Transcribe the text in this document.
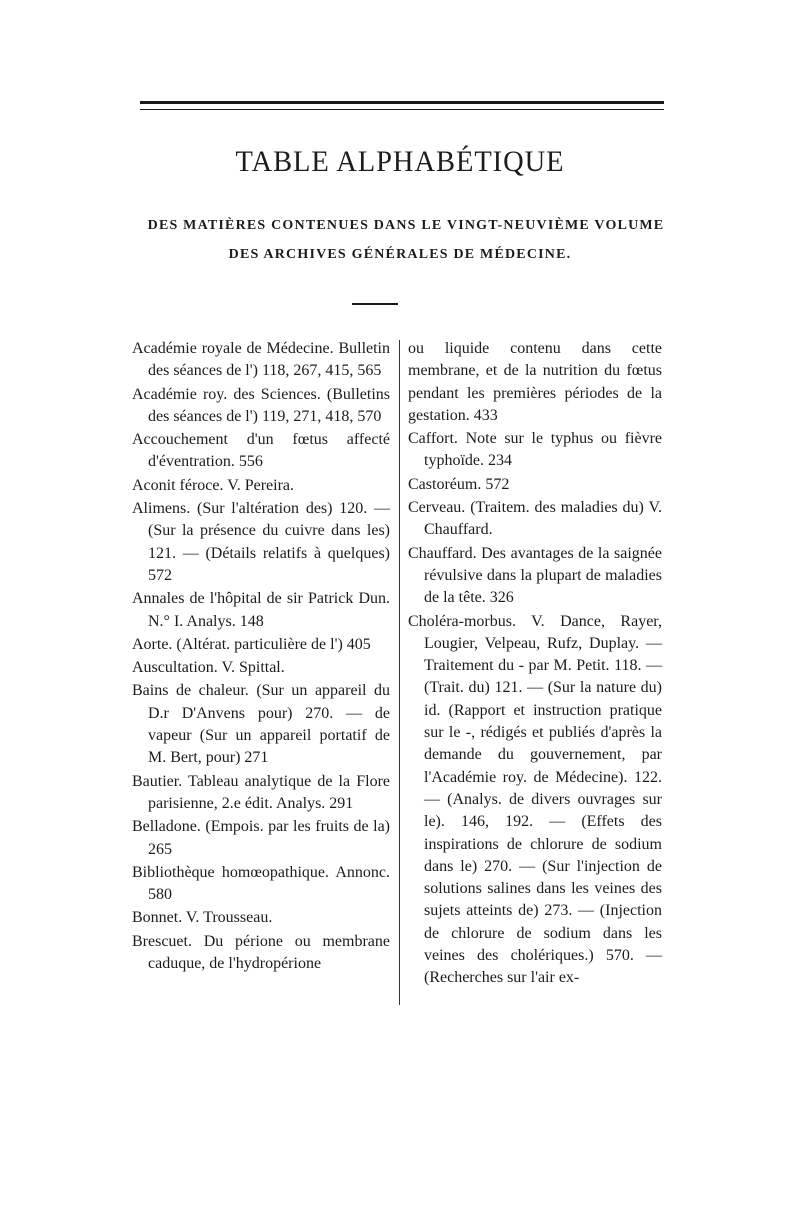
TABLE ALPHABÉTIQUE
DES MATIÈRES CONTENUES DANS LE VINGT-NEUVIÈME VOLUME
DES ARCHIVES GÉNÉRALES DE MÉDECINE.
Académie royale de Médecine. Bulletin des séances de l') 118, 267, 415, 565
Académie roy. des Sciences. (Bulletins des séances de l') 119, 271, 418, 570
Accouchement d'un fœtus affecté d'éventration. 556
Aconit féroce. V. Pereira.
Alimens. (Sur l'altération des) 120. — (Sur la présence du cuivre dans les) 121. — (Détails relatifs à quelques) 572
Annales de l'hôpital de sir Patrick Dun. N.° I. Analys. 148
Aorte. (Altérat. particulière de l') 405
Auscultation. V. Spittal.
Bains de chaleur. (Sur un appareil du D.r D'Anvens pour) 270. — de vapeur (Sur un appareil portatif de M. Bert, pour) 271
Bautier. Tableau analytique de la Flore parisienne, 2.e édit. Analys. 291
Belladone. (Empois. par les fruits de la) 265
Bibliothèque homœopathique. Annonc. 580
Bonnet. V. Trousseau.
Brescuet. Du périone ou membrane caduque, de l'hydropérione
ou liquide contenu dans cette membrane, et de la nutrition du fœtus pendant les premières périodes de la gestation. 433
Caffort. Note sur le typhus ou fièvre typhoïde. 234
Castoréum. 572
Cerveau. (Traitem. des maladies du) V. Chauffard.
Chauffard. Des avantages de la saignée révulsive dans la plupart de maladies de la tête. 326
Choléra-morbus. V. Dance, Rayer, Lougier, Velpeau, Rufz, Duplay. — Traitement du - par M. Petit. 118. — (Trait. du) 121. — (Sur la nature du) id. (Rapport et instruction pratique sur le -, rédigés et publiés d'après la demande du gouvernement, par l'Académie roy. de Médecine). 122. — (Analys. de divers ouvrages sur le). 146, 192. — (Effets des inspirations de chlorure de sodium dans le) 270. — (Sur l'injection de solutions salines dans les veines des sujets atteints de) 273. — (Injection de chlorure de sodium dans les veines des cholériques.) 570. — (Recherches sur l'air ex-
